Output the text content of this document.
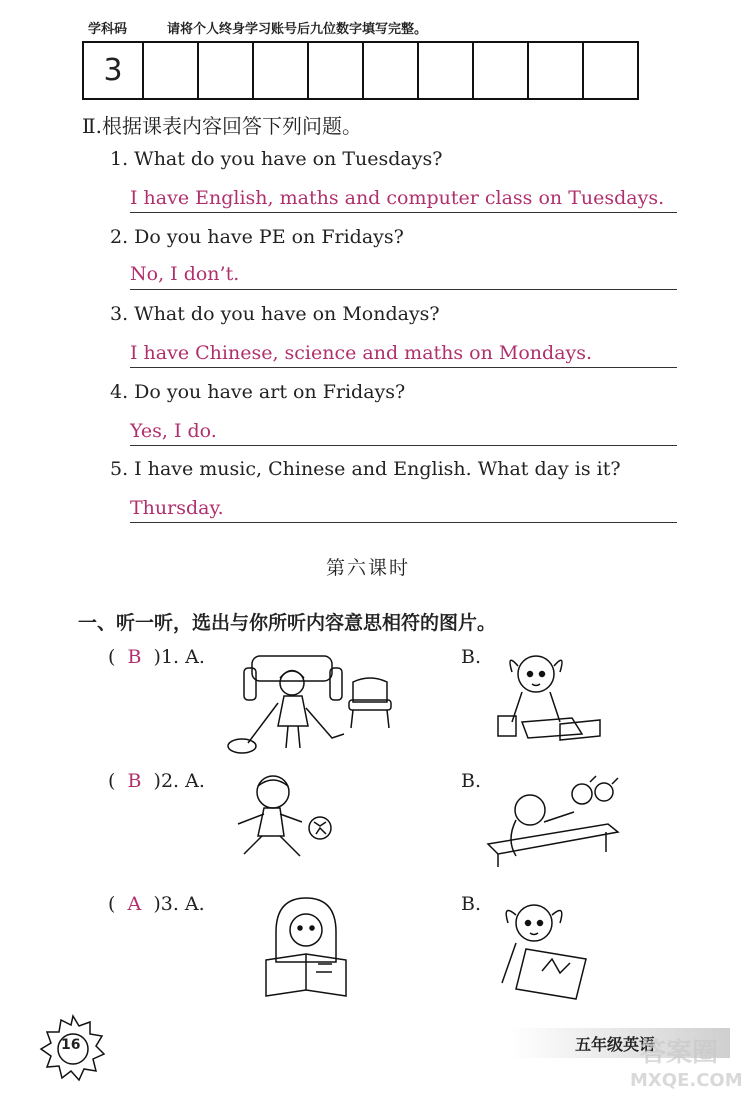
学科码	请将个人终身学习账号后九位数字填写完整。
3
Ⅱ.根据课表内容回答下列问题。
1. What do you have on Tuesdays?
I have English, maths and computer class on Tuesdays.
2. Do you have PE on Fridays?
No, I don’t.
3. What do you have on Mondays?
I have Chinese, science and maths on Mondays.
4. Do you have art on Fridays?
Yes, I do.
5. I have music, Chinese and English. What day is it?
Thursday.
第六课时
一、听一听，选出与你所听内容意思相符的图片。
(  B  )1. A.	B.
(  B  )2. A.	B.
(  A  )3. A.	B.
16	五年级英语
答案圈
MXQE.COM
